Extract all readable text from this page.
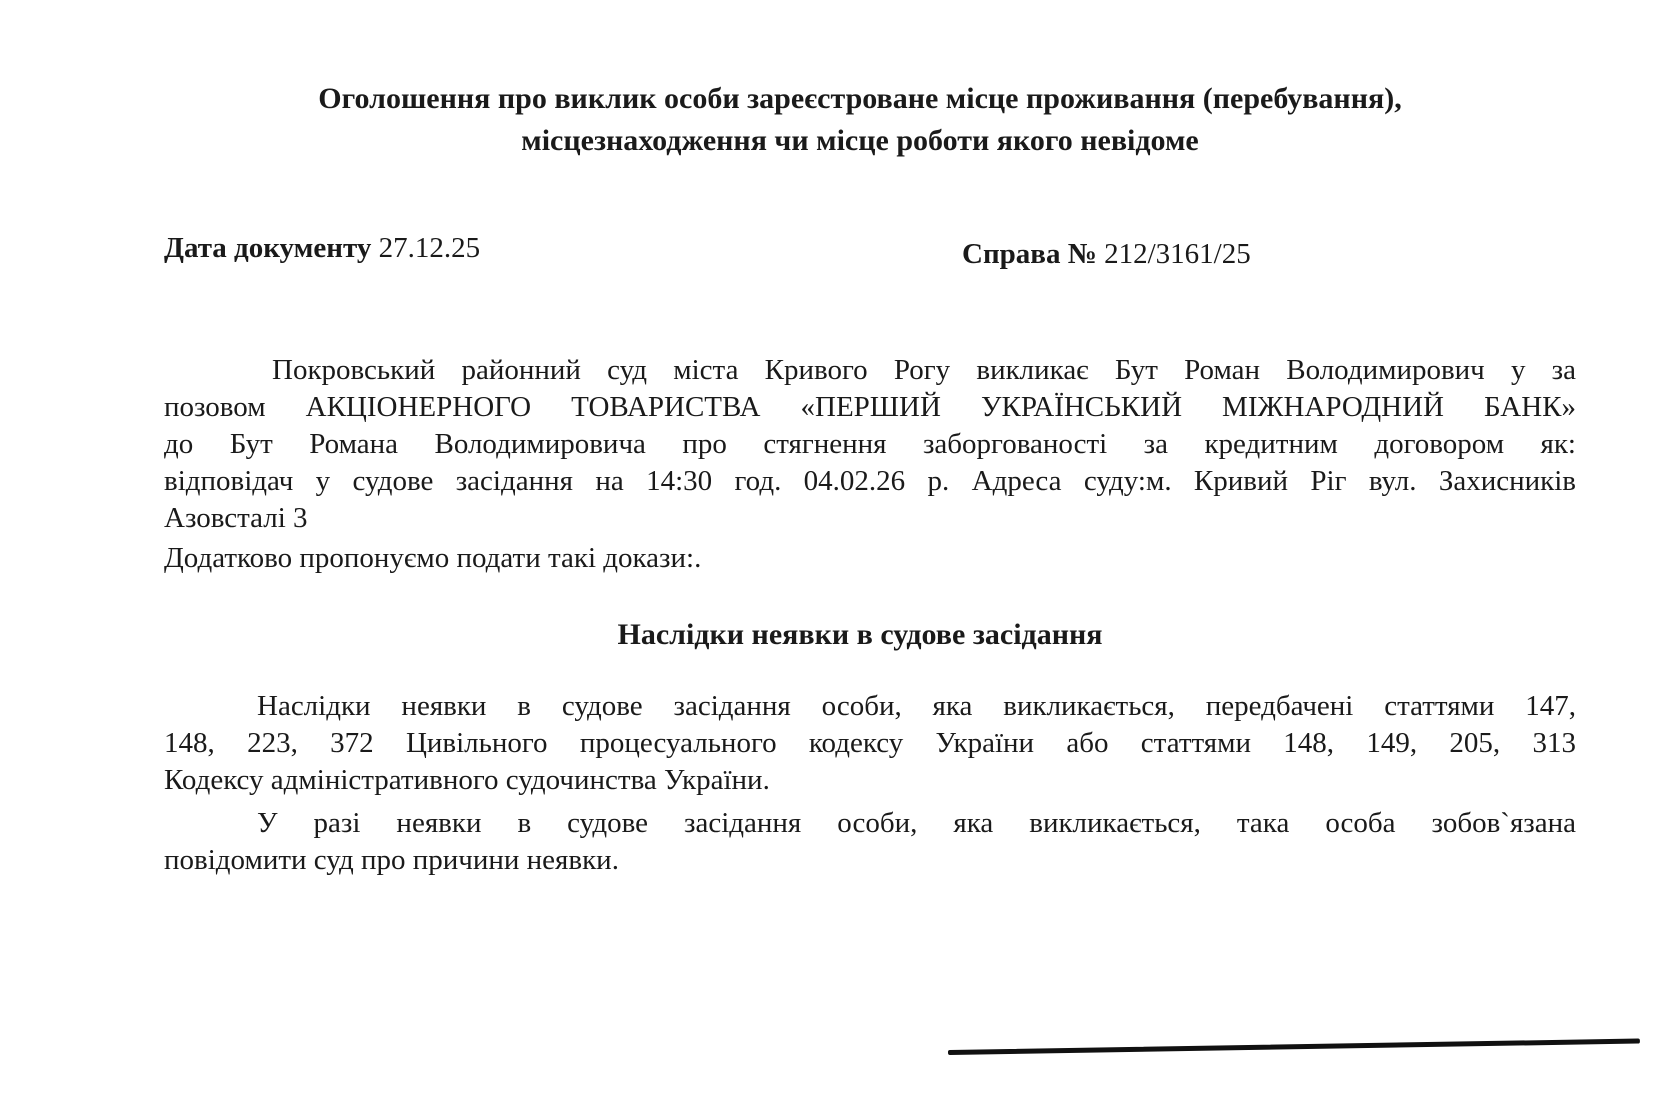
Оголошення про виклик особи зареєстроване місце проживання (перебування),
місцезнаходження чи місце роботи якого невідоме
Дата документу 27.12.25	Справа № 212/3161/25
Покровський районний суд міста Кривого Рогу викликає Бут Роман Володимирович у за
позовом АКЦІОНЕРНОГО ТОВАРИСТВА «ПЕРШИЙ УКРАЇНСЬКИЙ МІЖНАРОДНИЙ БАНК»
до Бут Романа Володимировича про стягнення заборгованості за кредитним договором як:
відповідач у судове засідання на 14:30 год. 04.02.26 р. Адреса суду:м. Кривий Ріг вул. Захисників
Азовсталі 3
Додатково пропонуємо подати такі докази:.
Наслідки неявки в судове засідання
Наслідки неявки в судове засідання особи, яка викликається, передбачені статтями 147,
148, 223, 372 Цивільного процесуального кодексу України або статтями 148, 149, 205, 313
Кодексу адміністративного судочинства України.
У разі неявки в судове засідання особи, яка викликається, така особа зобов`язана
повідомити суд про причини неявки.
